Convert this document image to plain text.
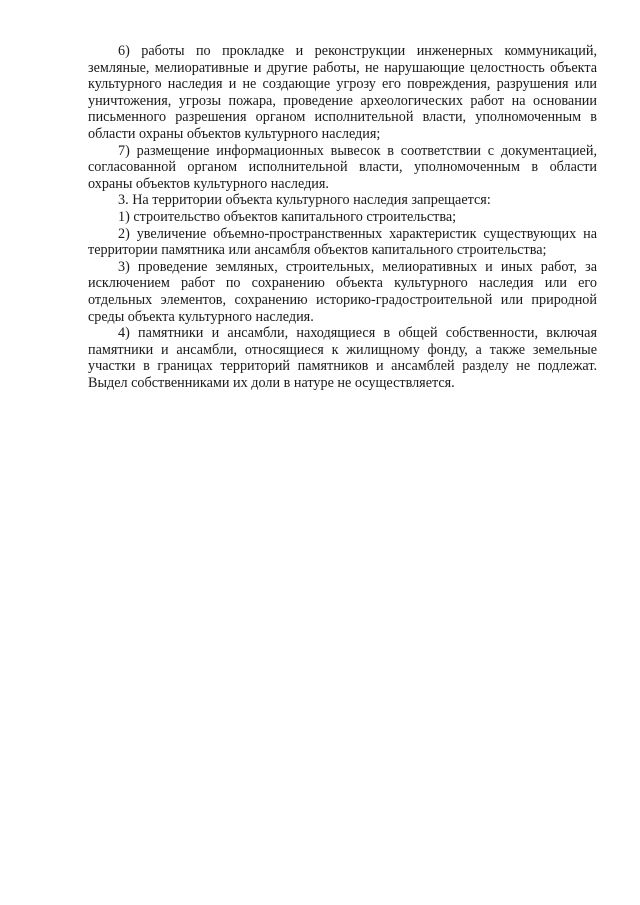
6) работы по прокладке и реконструкции инженерных коммуникаций, земляные, мелиоративные и другие работы, не нарушающие целостность объекта культурного наследия и не создающие угрозу его повреждения, разрушения или уничтожения, угрозы пожара, проведение археологических работ на основании письменного разрешения органом исполнительной власти, уполномоченным в области охраны объектов культурного наследия;

7) размещение информационных вывесок в соответствии с документацией, согласованной органом исполнительной власти, уполномоченным в области охраны объектов культурного наследия.

3. На территории объекта культурного наследия запрещается:

1) строительство объектов капитального строительства;

2) увеличение объемно-пространственных характеристик существующих на территории памятника или ансамбля объектов капитального строительства;

3) проведение земляных, строительных, мелиоративных и иных работ, за исключением работ по сохранению объекта культурного наследия или его отдельных элементов, сохранению историко-градостроительной или природной среды объекта культурного наследия.

4) памятники и ансамбли, находящиеся в общей собственности, включая памятники и ансамбли, относящиеся к жилищному фонду, а также земельные участки в границах территорий памятников и ансамблей разделу не подлежат. Выдел собственниками их доли в натуре не осуществляется.
